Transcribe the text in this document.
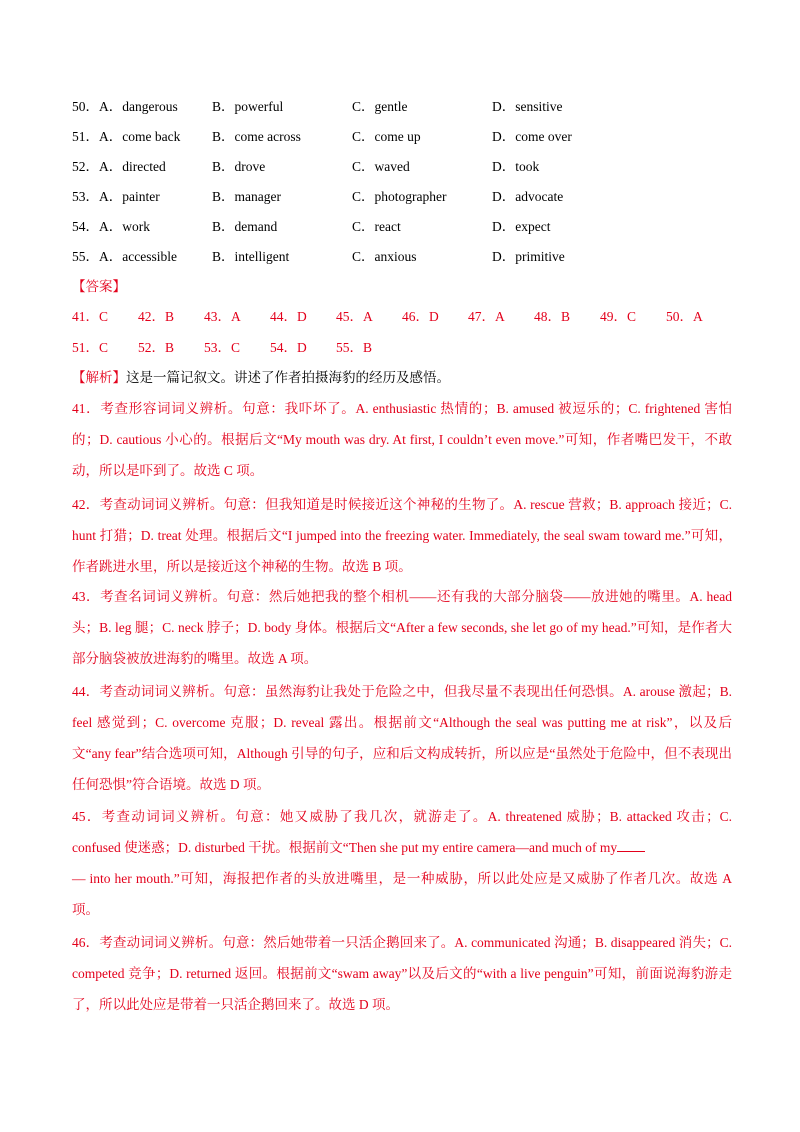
50．A．dangerous	B．powerful	C．gentle	D．sensitive
51．A．come back B．come across	C．come up	D．come over
52．A．directed	B．drove	C．waved	D．took
53．A．painter	B．manager	C．photographer	D．advocate
54．A．work	B．demand	C．react	D．expect
55．A．accessible	B．intelligent	C．anxious	D．primitive
【答案】
41．C 42．B 43．A 44．D 45．A 46．D 47．A 48．B 49．C 50．A
51．C 52．B 53．C 54．D 55．B
【解析】这是一篇记叙文。讲述了作者拍摄海豹的经历及感悟。

41．考查形容词词义辨析。句意：我吓坏了。A. enthusiastic 热情的；B. amused 被逗乐的；C. frightened 害怕的；D. cautious 小心的。根据后文“My mouth was dry. At first, I couldn’t even move.”可知，作者嘴巴发干，不敢动，所以是吓到了。故选 C 项。

42．考查动词词义辨析。句意：但我知道是时候接近这个神秘的生物了。A. rescue 营救；B. approach 接近；C. hunt 打猎；D. treat 处理。根据后文“I jumped into the freezing water. Immediately, the seal swam toward me.”可知，作者跳进水里，所以是接近这个神秘的生物。故选 B 项。

43．考查名词词义辨析。句意：然后她把我的整个相机——还有我的大部分脑袋——放进她的嘴里。A. head 头；B. leg 腿；C. neck 脖子；D. body 身体。根据后文“After a few seconds, she let go of my head.”可知，是作者大部分脑袋被放进海豹的嘴里。故选 A 项。

44．考查动词词义辨析。句意：虽然海豹让我处于危险之中，但我尽量不表现出任何恐惧。A. arouse 激起；B. feel 感觉到；C. overcome 克服；D. reveal 露出。根据前文“Although the seal was putting me at risk”，以及后文“any fear”结合选项可知，Although 引导的句子，应和后文构成转折，所以应是“虽然处于危险中，但不表现出任何恐惧”符合语境。故选 D 项。

45．考查动词词义辨析。句意：她又威胁了我几次，就游走了。A. threatened 威胁；B. attacked 攻击；C. confused 使迷惑；D. disturbed 干扰。根据前文“Then she put my entire camera—and much of my
— into her mouth.”可知，海报把作者的头放进嘴里，是一种威胁，所以此处应是又威胁了作者几次。故选 A 项。

46．考查动词词义辨析。句意：然后她带着一只活企鹅回来了。A. communicated 沟通；B. disappeared 消失；C. competed 竞争；D. returned 返回。根据前文“swam away”以及后文的“with a live penguin”可知，前面说海豹游走了，所以此处应是带着一只活企鹅回来了。故选 D 项。
